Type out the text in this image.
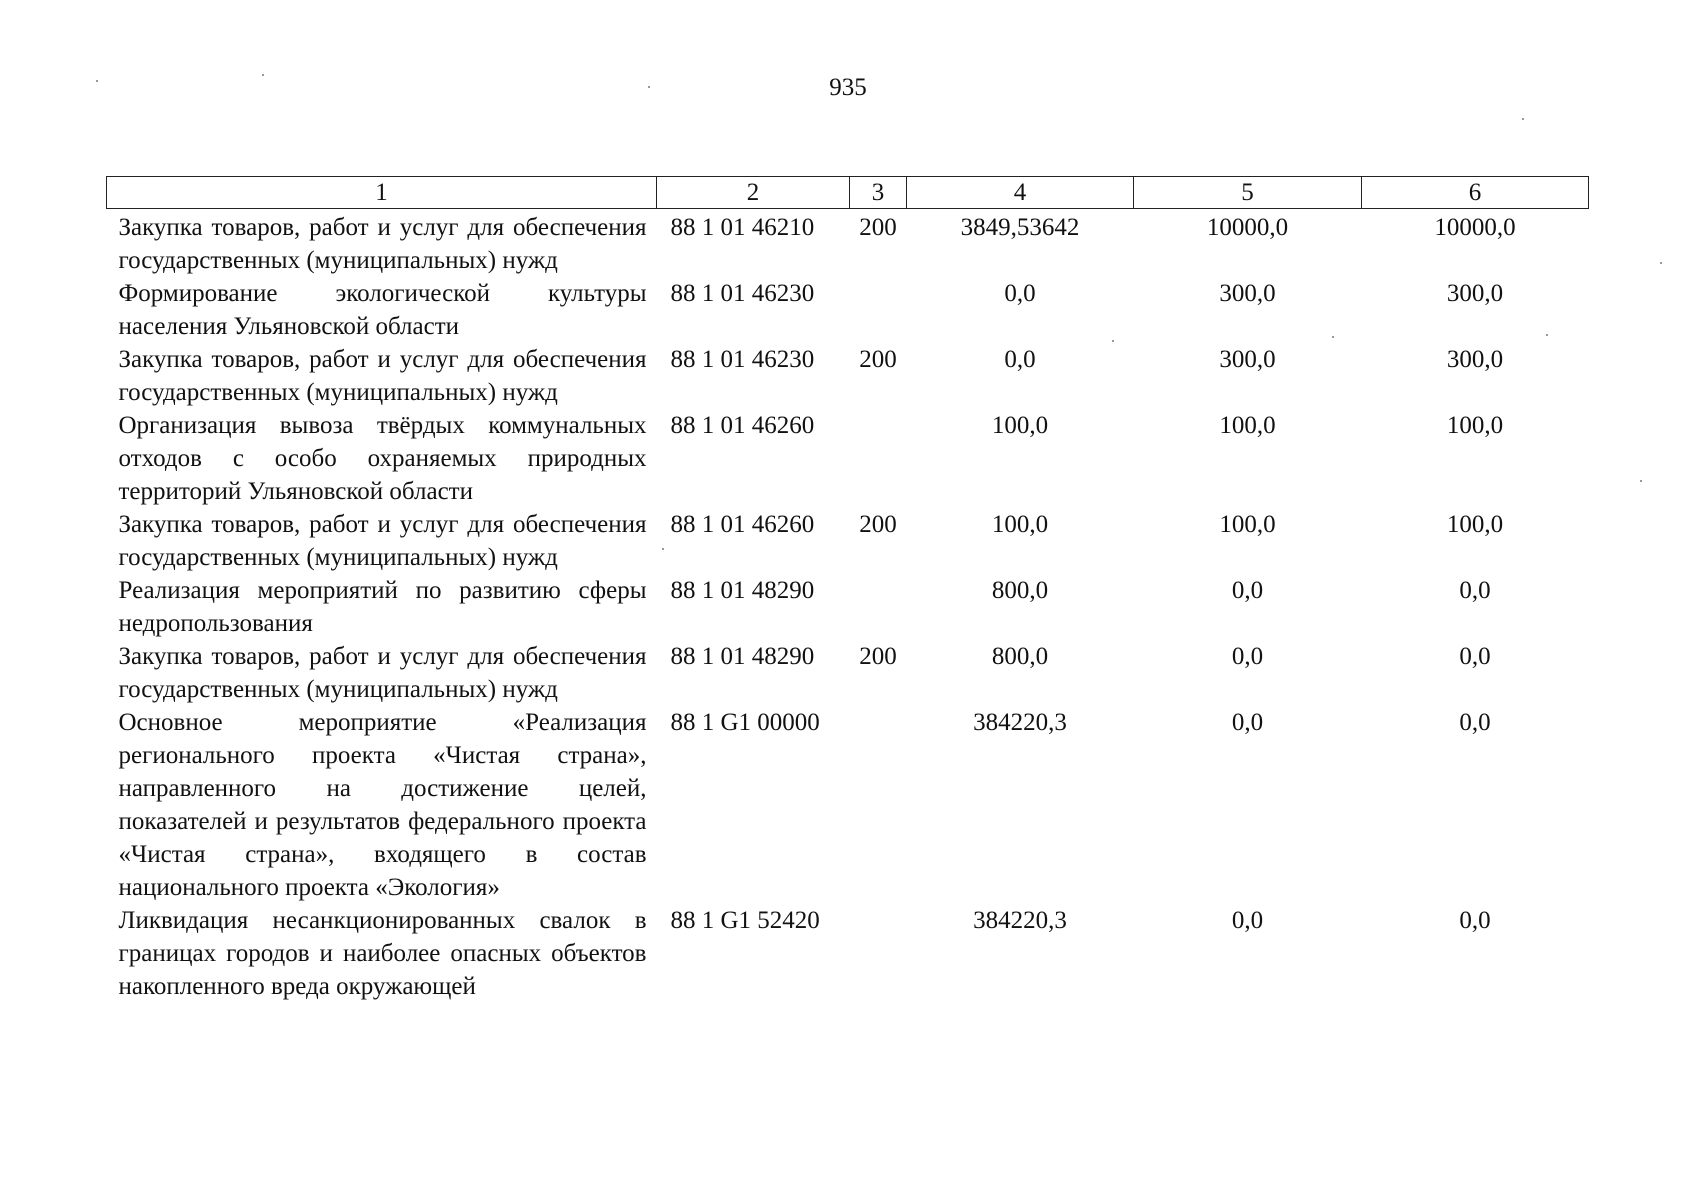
935
1	2	3	4	5	6
Закупка товаров, работ и услуг для обеспечения государственных (муниципальных) нужд	88 1 01 46210	200	3849,53642	10000,0	10000,0
Формирование экологической культуры населения Ульяновской области	88 1 01 46230		0,0	300,0	300,0
Закупка товаров, работ и услуг для обеспечения государственных (муниципальных) нужд	88 1 01 46230	200	0,0	300,0	300,0
Организация вывоза твёрдых коммунальных отходов с особо охраняемых природных территорий Ульяновской области	88 1 01 46260		100,0	100,0	100,0
Закупка товаров, работ и услуг для обеспечения государственных (муниципальных) нужд	88 1 01 46260	200	100,0	100,0	100,0
Реализация мероприятий по развитию сферы недропользования	88 1 01 48290		800,0	0,0	0,0
Закупка товаров, работ и услуг для обеспечения государственных (муниципальных) нужд	88 1 01 48290	200	800,0	0,0	0,0
Основное мероприятие «Реализация регионального проекта «Чистая страна», направленного на достижение целей, показателей и результатов федерального проекта «Чистая страна», входящего в состав национального проекта «Экология»	88 1 G1 00000		384220,3	0,0	0,0
Ликвидация несанкционированных свалок в границах городов и наиболее опасных объектов накопленного вреда окружающей	88 1 G1 52420		384220,3	0,0	0,0
